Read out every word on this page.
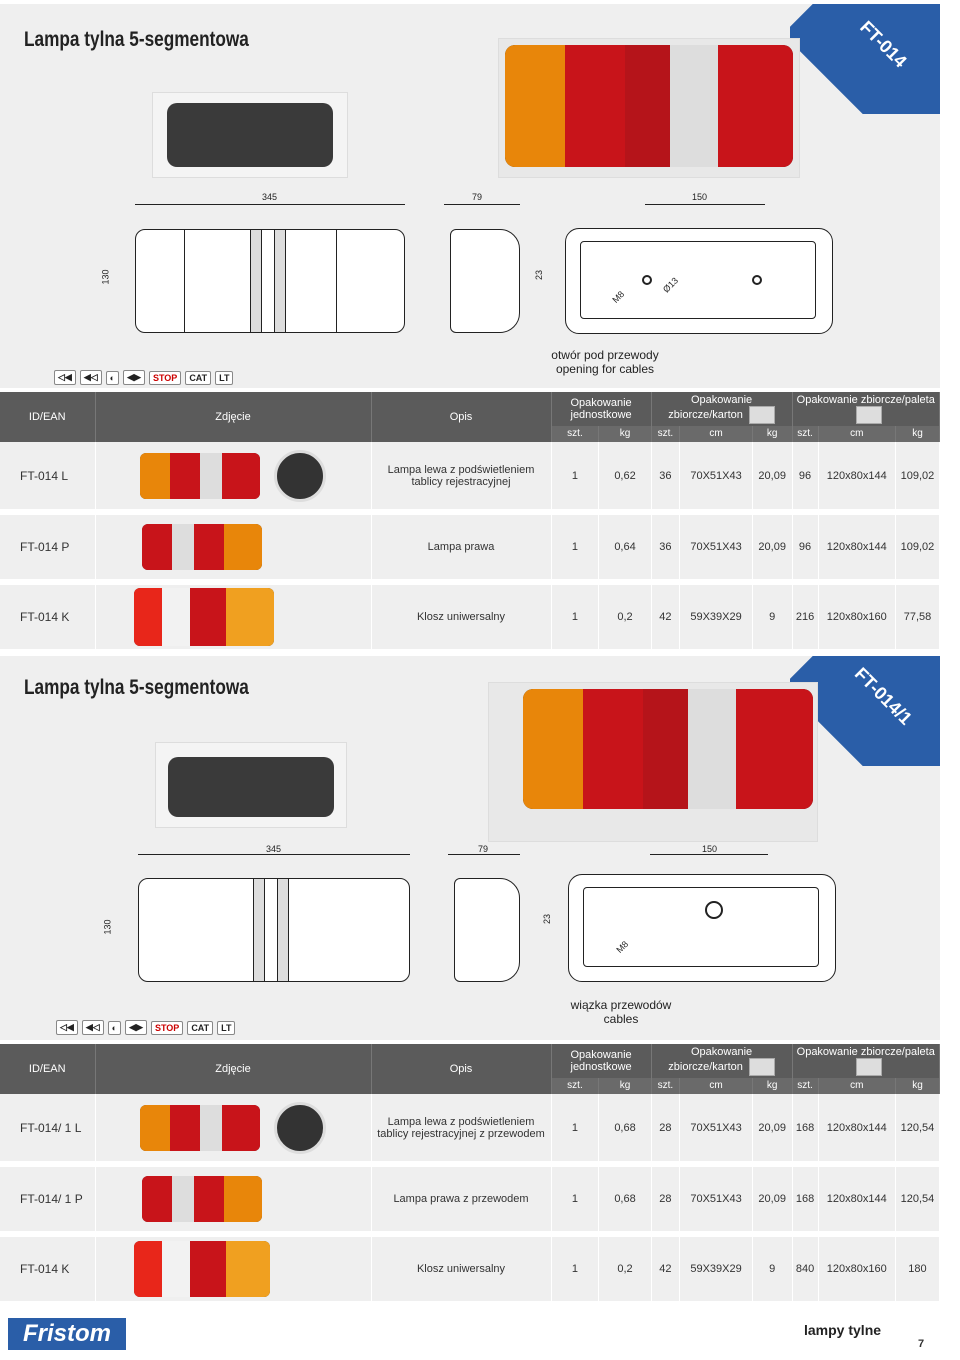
Lampa tylna 5-segmentowa	FT-014
345
130
79	150
23
M8
Ø13
◁◀	◀◁	◐	◀▶	STOP	CAT	LT
otwór pod przewody
opening for cables
ID/EAN	Zdjęcie	Opis	Opakowanie jednostkowe		Opakowanie zbiorcze/karton			Opakowanie zbiorcze/paleta		
			szt.	kg	szt.	cm	kg	szt.	cm	kg
FT-014 L		Lampa lewa z podświetleniem tablicy rejestracyjnej	1	0,62	36	70X51X43	20,09	96	120x80x144	109,02
FT-014 P		Lampa prawa	1	0,64	36	70X51X43	20,09	96	120x80x144	109,02
FT-014 K		Klosz uniwersalny	1	0,2	42	59X39X29	9	216	120x80x160	77,58
Lampa tylna 5-segmentowa	FT-014/1
345
130
79	150
23
M8
◁◀	◀◁	◐	◀▶	STOP	CAT	LT
wiązka przewodów
cables
ID/EAN	Zdjęcie	Opis	Opakowanie jednostkowe		Opakowanie zbiorcze/karton			Opakowanie zbiorcze/paleta		
			szt.	kg	szt.	cm	kg	szt.	cm	kg
FT-014/ 1 L		Lampa lewa z podświetleniem tablicy rejestracyjnej z przewodem	1	0,68	28	70X51X43	20,09	168	120x80x144	120,54
FT-014/ 1 P		Lampa prawa z przewodem	1	0,68	28	70X51X43	20,09	168	120x80x144	120,54
FT-014 K		Klosz uniwersalny	1	0,2	42	59X39X29	9	840	120x80x160	180
Fristom	lampy tylne
7
